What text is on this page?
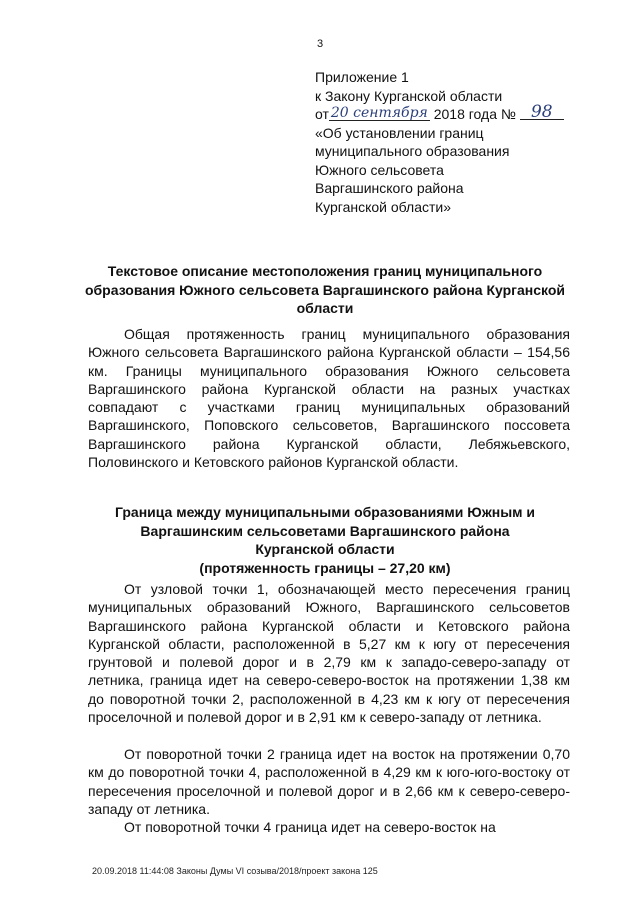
3
Приложение 1
к Закону Курганской области
от 20 сентября 2018 года № 98
«Об установлении границ
муниципального образования
Южного сельсовета
Варгашинского района
Курганской области»
Текстовое описание местоположения границ муниципального образования Южного сельсовета Варгашинского района Курганской области

Общая протяженность границ муниципального образования Южного сельсовета Варгашинского района Курганской области – 154,56 км. Границы муниципального образования Южного сельсовета Варгашинского района Курганской области на разных участках совпадают с участками границ муниципальных образований Варгашинского, Поповского сельсоветов, Варгашинского поссовета Варгашинского района Курганской области, Лебяжьевского, Половинского и Кетовского районов Курганской области.

Граница между муниципальными образованиями Южным и
Варгашинским сельсоветами Варгашинского района
Курганской области
(протяженность границы – 27,20 км)

От узловой точки 1, обозначающей место пересечения границ муниципальных образований Южного, Варгашинского сельсоветов Варгашинского района Курганской области и Кетовского района Курганской области, расположенной в 5,27 км к югу от пересечения грунтовой и полевой дорог и в 2,79 км к западо-северо-западу от летника, граница идет на северо-северо-восток на протяжении 1,38 км до поворотной точки 2, расположенной в 4,23 км к югу от пересечения проселочной и полевой дорог и в 2,91 км к северо-западу от летника.

От поворотной точки 2 граница идет на восток на протяжении 0,70 км до поворотной точки 4, расположенной в 4,29 км к юго-юго-востоку от пересечения проселочной и полевой дорог и в 2,66 км к северо-северо-западу от летника.

От поворотной точки 4 граница идет на северо-восток на

20.09.2018 11:44:08 Законы Думы VI созыва/2018/проект закона 125
